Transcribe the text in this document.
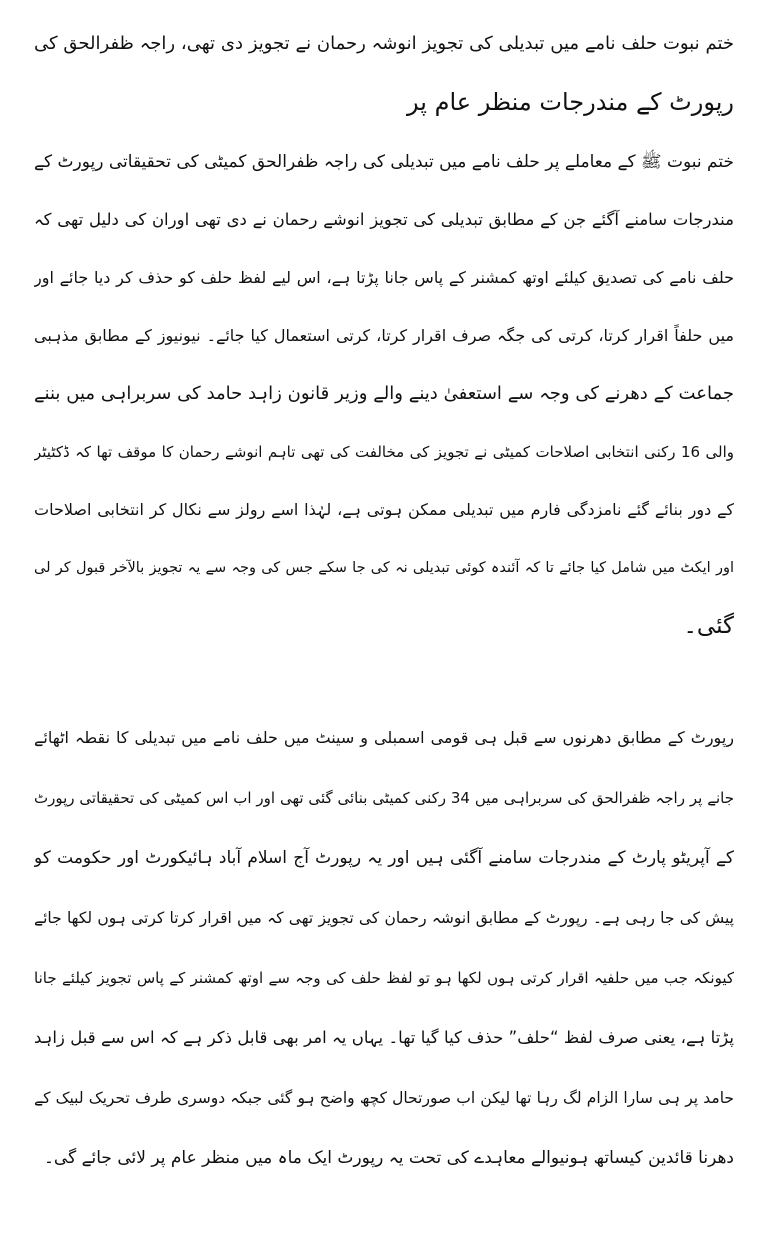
ختم نبوت حلف نامے میں تبدیلی کی تجویز انوشہ رحمان نے تجویز دی تھی، راجہ ظفرالحق کی
رپورٹ کے مندرجات منظر عام پر
ختم نبوت ﷺ کے معاملے پر حلف نامے میں تبدیلی کی راجہ ظفرالحق کمیٹی کی تحقیقاتی رپورٹ کے
مندرجات سامنے آگئے جن کے مطابق تبدیلی کی تجویز انوشے رحمان نے دی تھی اوران کی دلیل تھی کہ
حلف نامے کی تصدیق کیلئے اوتھ کمشنر کے پاس جانا پڑتا ہے، اس لیے لفظ حلف کو حذف کر دیا جائے اور
میں حلفاً اقرار کرتا، کرتی کی جگہ صرف اقرار کرتا، کرتی استعمال کیا جائے۔ نیونیوز کے مطابق مذہبی
جماعت کے دھرنے کی وجہ سے استعفیٰ دینے والے وزیر قانون زاہد حامد کی سربراہی میں بننے
والی 16 رکنی انتخابی اصلاحات کمیٹی نے تجویز کی مخالفت کی تھی تاہم انوشے رحمان کا موقف تھا کہ ڈکٹیٹر
کے دور بنائے گئے نامزدگی فارم میں تبدیلی ممکن ہوتی ہے، لہٰذا اسے رولز سے نکال کر انتخابی اصلاحات
اور ایکٹ میں شامل کیا جائے تا کہ آئندہ کوئی تبدیلی نہ کی جا سکے جس کی وجہ سے یہ تجویز بالآخر قبول کر لی
گئی۔
رپورٹ کے مطابق دھرنوں سے قبل ہی قومی اسمبلی و سینٹ میں حلف نامے میں تبدیلی کا نقطہ اٹھائے
جانے پر راجہ ظفرالحق کی سربراہی میں 34 رکنی کمیٹی بنائی گئی تھی اور اب اس کمیٹی کی تحقیقاتی رپورٹ
کے آپریٹو پارٹ کے مندرجات سامنے آگئی ہیں اور یہ رپورٹ آج اسلام آباد ہائیکورٹ اور حکومت کو
پیش کی جا رہی ہے۔ رپورٹ کے مطابق انوشہ رحمان کی تجویز تھی کہ میں اقرار کرتا کرتی ہوں لکھا جائے
کیونکہ جب میں حلفیہ اقرار کرتی ہوں لکھا ہو تو لفظ حلف کی وجہ سے اوتھ کمشنر کے پاس تجویز کیلئے جانا
پڑتا ہے، یعنی صرف لفظ “حلف” حذف کیا گیا تھا۔ یہاں یہ امر بھی قابل ذکر ہے کہ اس سے قبل زاہد
حامد پر ہی سارا الزام لگ رہا تھا لیکن اب صورتحال کچھ واضح ہو گئی جبکہ دوسری طرف تحریک لبیک کے
دھرنا قائدین کیساتھ ہونیوالے معاہدے کی تحت یہ رپورٹ ایک ماہ میں منظر عام پر لائی جائے گی۔
